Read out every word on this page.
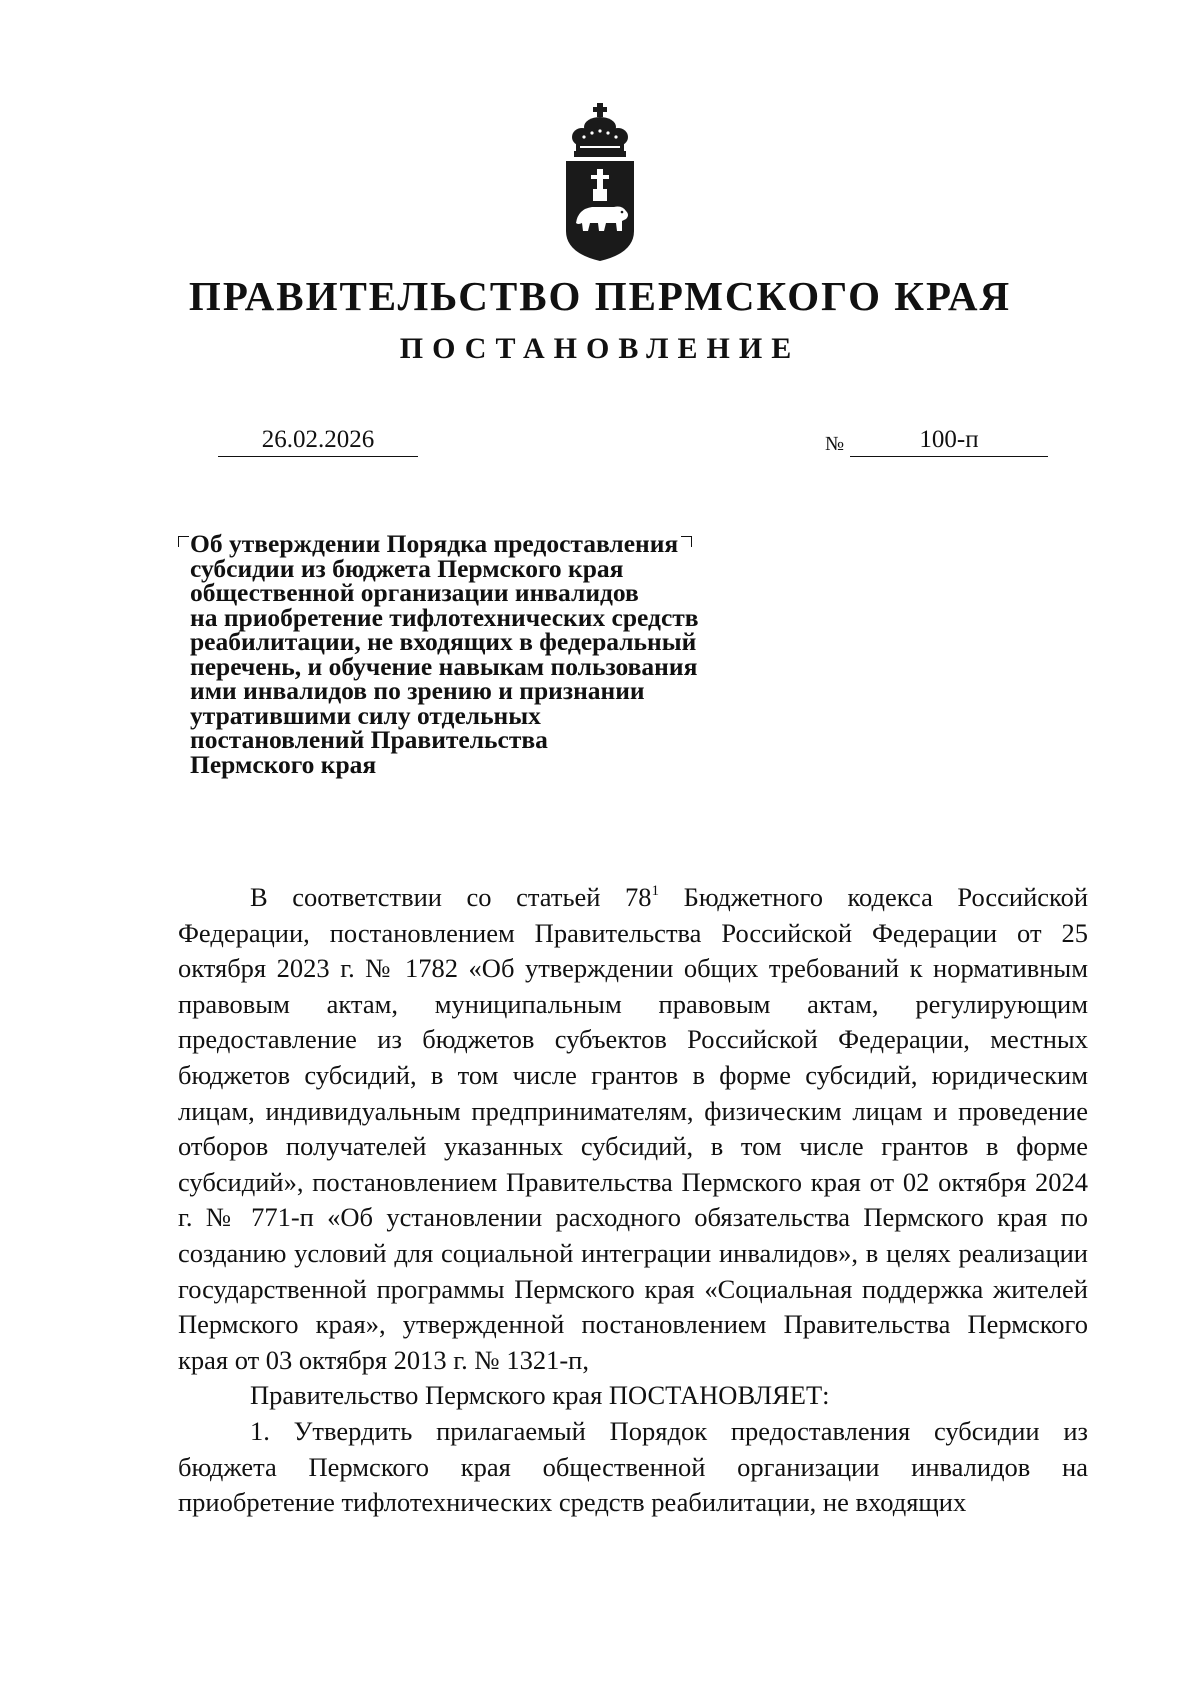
ПРАВИТЕЛЬСТВО ПЕРМСКОГО КРАЯ
ПОСТАНОВЛЕНИЕ
26.02.2026	№	100-п

Об утверждении Порядка предоставления
субсидии из бюджета Пермского края
общественной организации инвалидов
на приобретение тифлотехнических средств
реабилитации, не входящих в федеральный
перечень, и обучение навыкам пользования
ими инвалидов по зрению и признании
утратившими силу отдельных
постановлений Правительства
Пермского края

В соответствии со статьей $78^1$ Бюджетного кодекса Российской Федерации, постановлением Правительства Российской Федерации от 25 октября 2023 г. № 1782 «Об утверждении общих требований к нормативным правовым актам, муниципальным правовым актам, регулирующим предоставление из бюджетов субъектов Российской Федерации, местных бюджетов субсидий, в том числе грантов в форме субсидий, юридическим лицам, индивидуальным предпринимателям, физическим лицам и проведение отборов получателей указанных субсидий, в том числе грантов в форме субсидий», постановлением Правительства Пермского края от 02 октября 2024 г. № 771-п «Об установлении расходного обязательства Пермского края по созданию условий для социальной интеграции инвалидов», в целях реализации государственной программы Пермского края «Социальная поддержка жителей Пермского края», утвержденной постановлением Правительства Пермского края от 03 октября 2013 г. № 1321-п,

Правительство Пермского края ПОСТАНОВЛЯЕТ:

1. Утвердить прилагаемый Порядок предоставления субсидии из бюджета Пермского края общественной организации инвалидов на приобретение тифлотехнических средств реабилитации, не входящих
